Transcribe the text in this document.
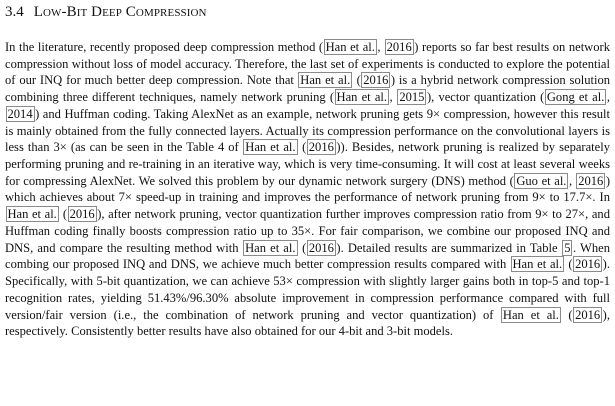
3.4 Low-Bit Deep Compression

In the literature, recently proposed deep compression method ( Han et al. , 2016 ) reports so far best results on network compression without loss of model accuracy. Therefore, the last set of experiments is conducted to explore the potential of our INQ for much better deep compression. Note that Han et al. ( 2016 ) is a hybrid network compression solution combining three different techniques, namely network pruning ( Han et al. , 2015 ), vector quantization ( Gong et al. , 2014 ) and Huffman coding. Taking AlexNet as an example, network pruning gets 9× compression, however this result is mainly obtained from the fully connected layers. Actually its compression performance on the convolutional layers is less than 3× (as can be seen in the Table 4 of Han et al. ( 2016 )). Besides, network pruning is realized by separately performing pruning and re-training in an iterative way, which is very time-consuming. It will cost at least several weeks for compressing AlexNet. We solved this problem by our dynamic network surgery (DNS) method ( Guo et al. , 2016 ) which achieves about 7× speed-up in training and improves the performance of network pruning from 9× to 17.7×. In Han et al. ( 2016 ), after network pruning, vector quantization further improves compression ratio from 9× to 27×, and Huffman coding finally boosts compression ratio up to 35×. For fair comparison, we combine our proposed INQ and DNS, and compare the resulting method with Han et al. ( 2016 ). Detailed results are summarized in Table 5 . When combing our proposed INQ and DNS, we achieve much better compression results compared with Han et al. ( 2016 ). Specifically, with 5-bit quantization, we can achieve 53× compression with slightly larger gains both in top-5 and top-1 recognition rates, yielding 51.43%/96.30% absolute improvement in compression performance compared with full version/fair version (i.e., the combination of network pruning and vector quantization) of Han et al. ( 2016 ), respectively. Consistently better results have also obtained for our 4-bit and 3-bit models.
